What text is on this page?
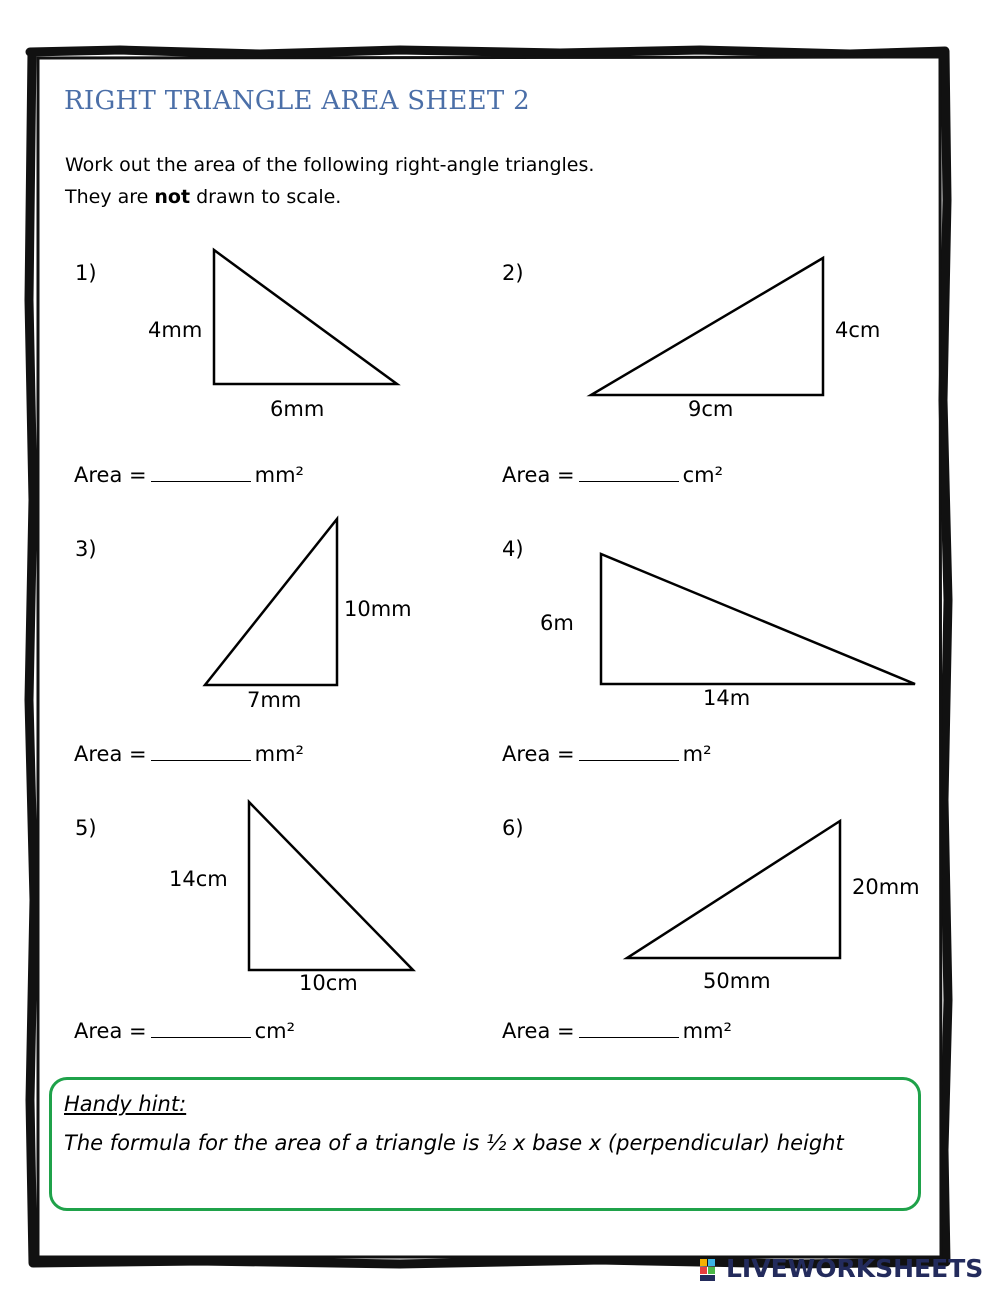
RIGHT TRIANGLE AREA SHEET 2
Work out the area of the following right-angle triangles.
They are not drawn to scale.
1)
4mm
6mm
Area =	mm²
2)
4cm
9cm
Area =	cm²
3)
10mm
7mm
Area =	mm²
4)
6m
14m
Area =	m²
5)
14cm
10cm
Area =	cm²
6)
20mm
50mm
Area =	mm²
Handy hint:
The formula for the area of a triangle is ½ x base x (perpendicular) height
LIVEWORKSHEETS
